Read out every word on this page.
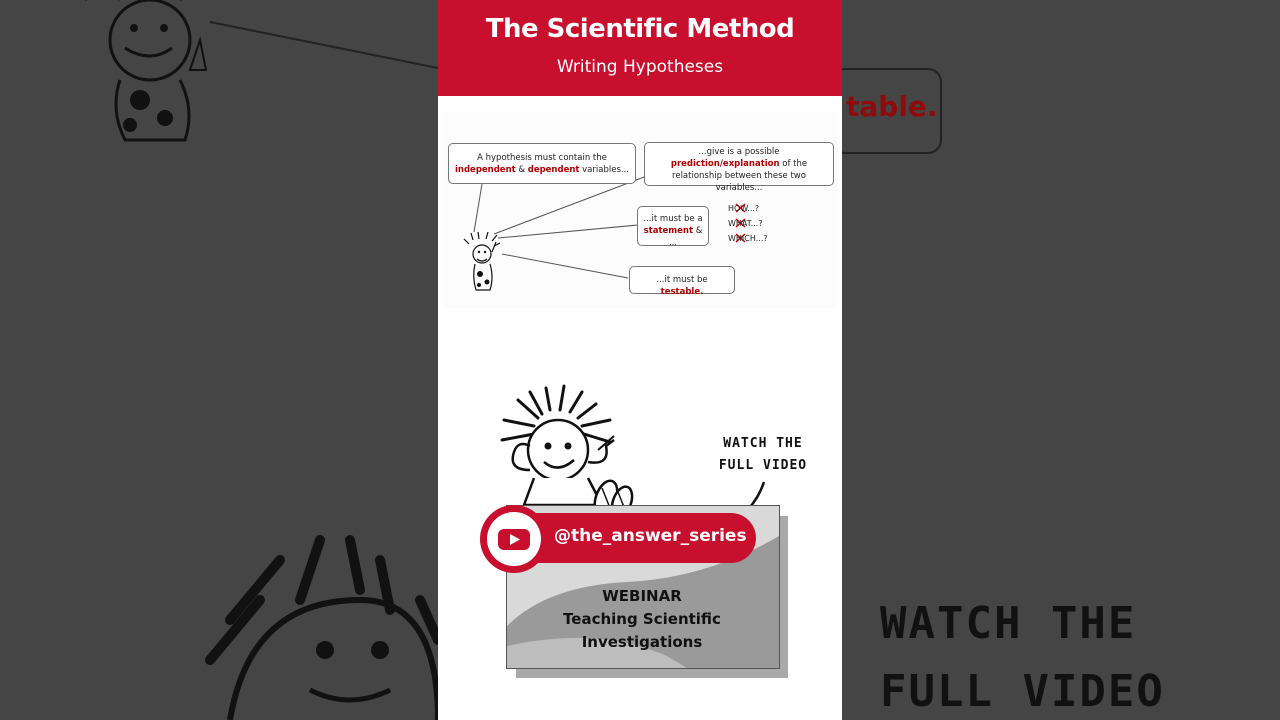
table.
WATCH THE
FULL VIDEO
The Scientific Method
Writing Hypotheses
A hypothesis must contain the
independent & dependent variables...
...give is a possible prediction/explanation of the relationship between these two variables...
...it must be a
statement & ...
HOW...?
WHAT...?
WHICH...?
...it must be testable.
WATCH THE
FULL VIDEO
@the_answer_series
WEBINAR
Teaching Scientific
Investigations
